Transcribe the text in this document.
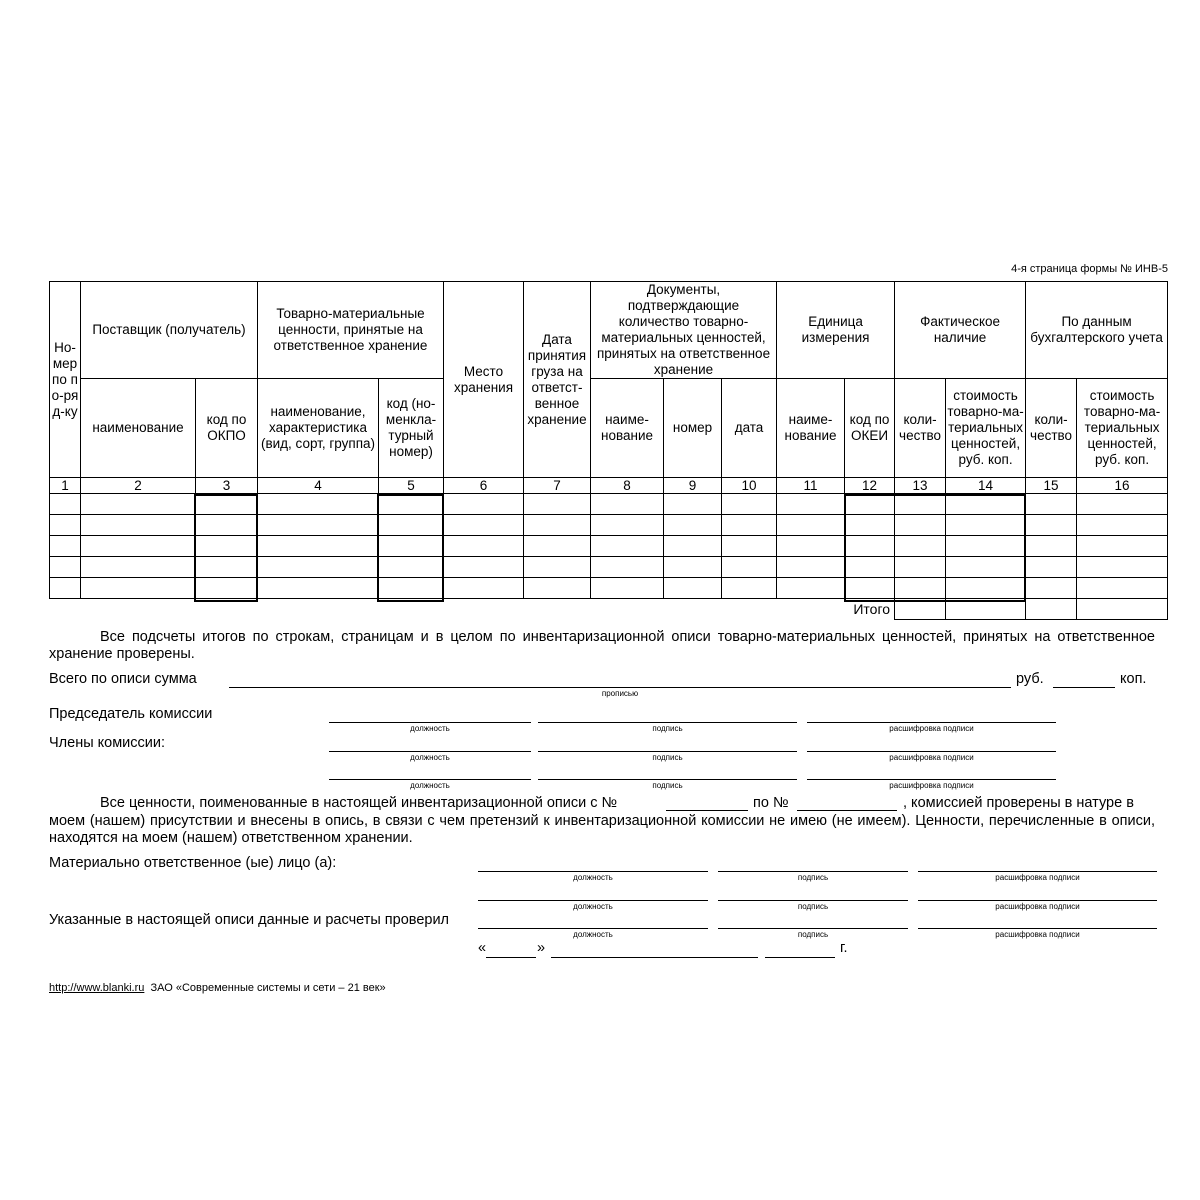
4-я страница формы № ИНВ-5
Но-мер по по-ряд-ку	Поставщик (получатель)		Товарно-материальные ценности, принятые на ответственное хранение		Место хранения	Дата принятия груза на ответст-венное хранение	Документы, подтверждающие количество товарно-материальных ценностей, принятых на ответственное хранение			Единица измерения		Фактическое наличие		По данным бухгалтерского учета	
	наименование	код по ОКПО	наименование, характеристика (вид, сорт, группа)	код (но-менкла-турный номер)			наиме-нование	номер	дата	наиме-нование	код по ОКЕИ	коли-чество	стоимость товарно-ма-териальных ценностей, руб. коп.	коли-чество	стоимость товарно-ма-териальных ценностей, руб. коп.
1	2	3	4	5	6	7	8	9	10	11	12	13	14	15	16

											Итого				
Все подсчеты итогов по строкам, страницам и в целом по инвентаризационной описи товарно-материальных ценностей, принятых на ответственное хранение проверены.
Всего по описи сумма
прописью
руб.	коп.
Председатель комиссии
Члены комиссии:
должность	подпись	расшифровка подписи
должность	подпись	расшифровка подписи
должность	подпись	расшифровка подписи
Все ценности, поименованные в настоящей инвентаризационной описи с №	по №	, комиссией проверены в натуре в
моем (нашем) присутствии и внесены в опись, в связи с чем претензий к инвентаризационной комиссии не имею (не имеем). Ценности, перечисленные в описи, находятся на моем (нашем) ответственном хранении.
Материально ответственное (ые) лицо (а):
должность	подпись	расшифровка подписи
должность	подпись	расшифровка подписи
Указанные в настоящей описи данные и расчеты проверил
должность	подпись	расшифровка подписи
«	»	г.
http://www.blanki.ru ЗАО «Современные системы и сети – 21 век»
